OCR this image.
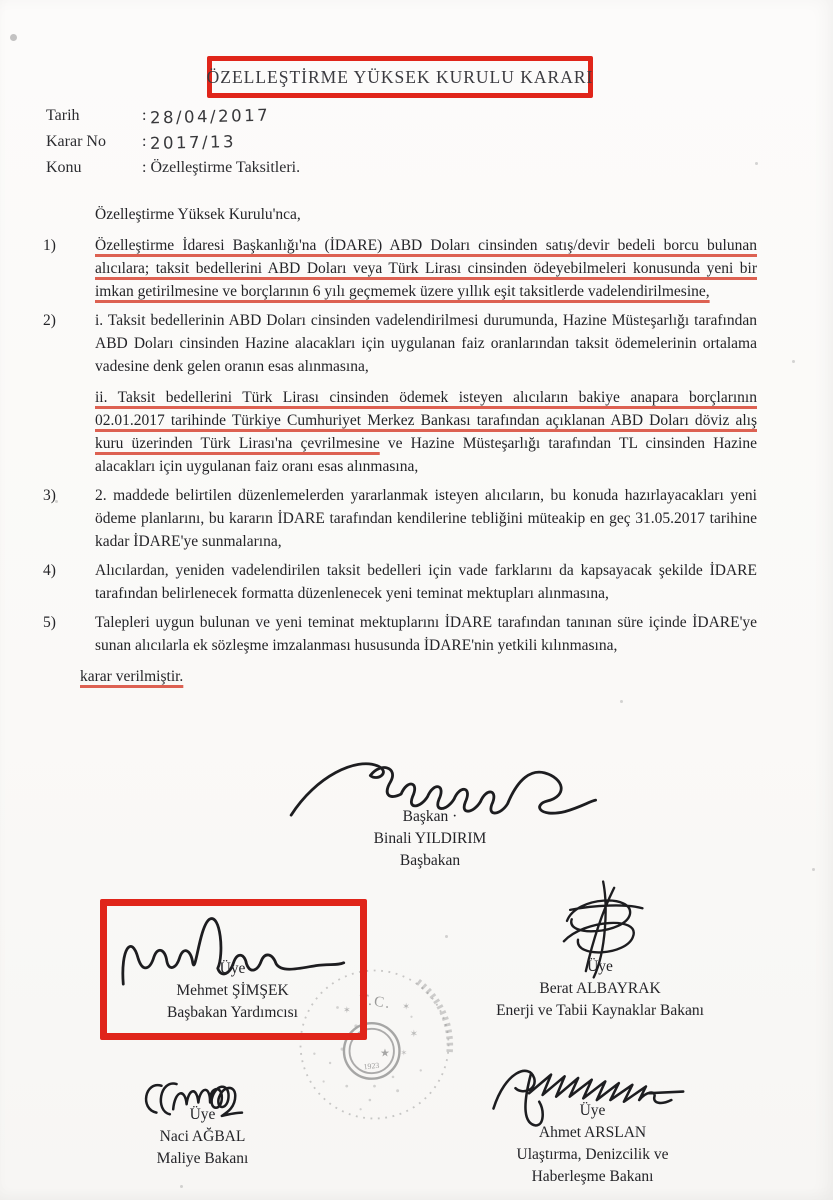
ÖZELLEŞTİRME YÜKSEK KURULU KARARI
Tarih	: 28/04/2017
Karar No	: 2017/13
Konu	: Özelleştirme Taksitleri.
Özelleştirme Yüksek Kurulu'nca,
1)	Özelleştirme İdaresi Başkanlığı'na (İDARE) ABD Doları cinsinden satış/devir bedeli borcu bulunan alıcılara; taksit bedellerini ABD Doları veya Türk Lirası cinsinden ödeyebilmeleri konusunda yeni bir imkan getirilmesine ve borçlarının 6 yılı geçmemek üzere yıllık eşit taksitlerde vadelendirilmesine,
2)	i. Taksit bedellerinin ABD Doları cinsinden vadelendirilmesi durumunda, Hazine Müsteşarlığı tarafından ABD Doları cinsinden Hazine alacakları için uygulanan faiz oranlarından taksit ödemelerinin ortalama vadesine denk gelen oranın esas alınmasına,

ii. Taksit bedellerini Türk Lirası cinsinden ödemek isteyen alıcıların bakiye anapara borçlarının 02.01.2017 tarihinde Türkiye Cumhuriyet Merkez Bankası tarafından açıklanan ABD Doları döviz alış kuru üzerinden Türk Lirası'na çevrilmesine ve Hazine Müsteşarlığı tarafından TL cinsinden Hazine alacakları için uygulanan faiz oranı esas alınmasına,

3)	2. maddede belirtilen düzenlemelerden yararlanmak isteyen alıcıların, bu konuda hazırlayacakları yeni ödeme planlarını, bu kararın İDARE tarafından kendilerine tebliğini müteakip en geç 31.05.2017 tarihine kadar İDARE'ye sunmalarına,
4)	Alıcılardan, yeniden vadelendirilen taksit bedelleri için vade farklarını da kapsayacak şekilde İDARE tarafından belirlenecek formatta düzenlenecek yeni teminat mektupları alınmasına,
5)	Talepleri uygun bulunan ve yeni teminat mektuplarını İDARE tarafından tanınan süre içinde İDARE'ye sunan alıcılarla ek sözleşme imzalanması hususunda İDARE'nin yetkili kılınmasına,
karar verilmiştir.
Başkan ·
Binali YILDIRIM
Başbakan
★
1923
T.C.
✶	✶
✶
✶
Üye
Mehmet ŞİMŞEK
Başbakan Yardımcısı
Üye
Berat ALBAYRAK
Enerji ve Tabii Kaynaklar Bakanı
Üye
Naci AĞBAL
Maliye Bakanı
Üye
Ahmet ARSLAN
Ulaştırma, Denizcilik ve
Haberleşme Bakanı
